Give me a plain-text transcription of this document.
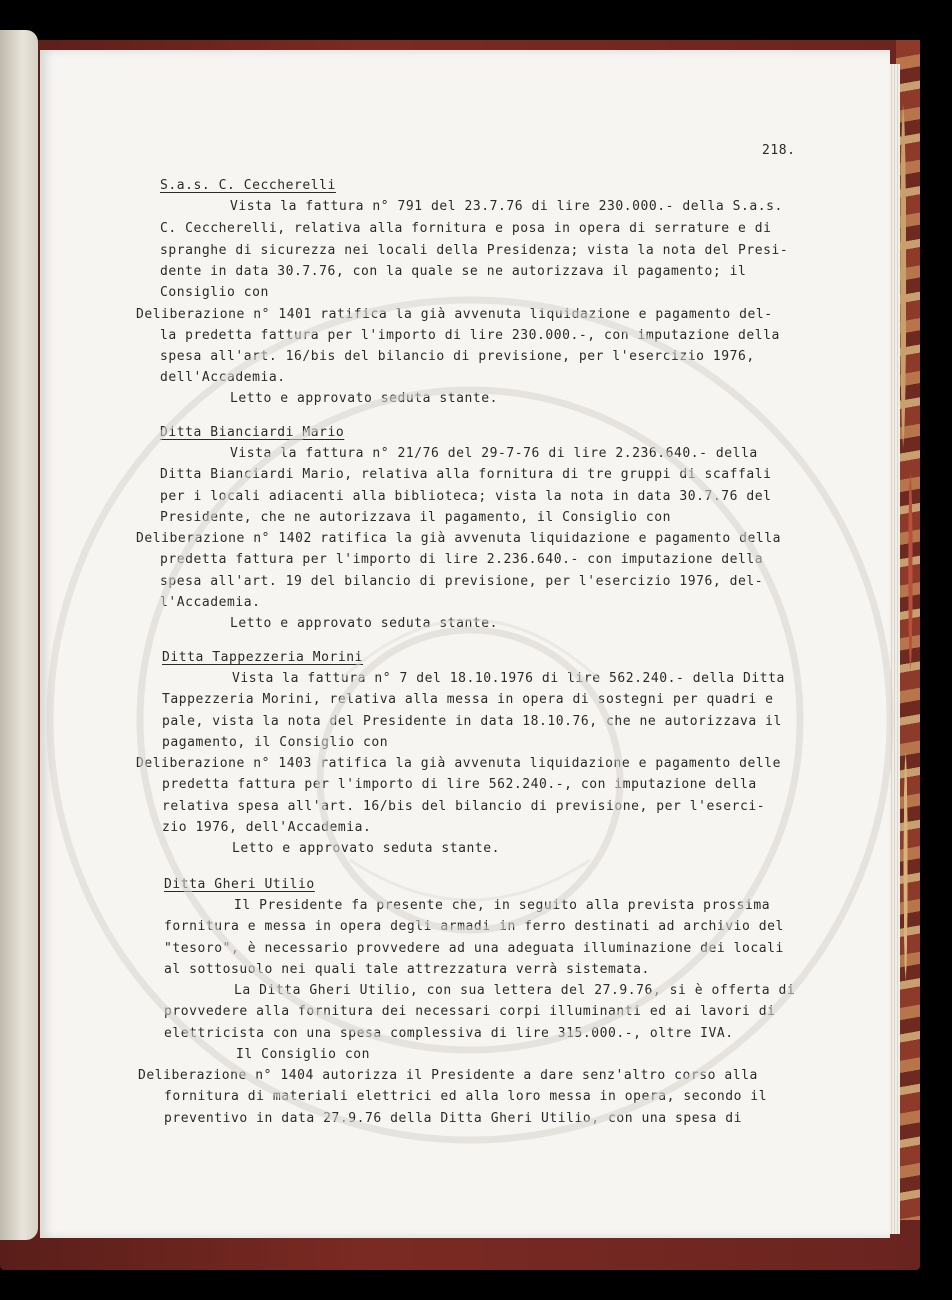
218.
S.a.s. C. Ceccherelli
Vista la fattura n° 791 del 23.7.76 di lire 230.000.- della S.a.s.
C. Ceccherelli, relativa alla fornitura e posa in opera di serrature e di
spranghe di sicurezza nei locali della Presidenza; vista la nota del Presi-
dente in data 30.7.76, con la quale se ne autorizzava il pagamento; il
Consiglio con
Deliberazione n° 1401 ratifica la già avvenuta liquidazione e pagamento del-
la predetta fattura per l'importo di lire 230.000.-, con imputazione della
spesa all'art. 16/bis del bilancio di previsione, per l'esercizio 1976,
dell'Accademia.
Letto e approvato seduta stante.
Ditta Bianciardi Mario
Vista la fattura n° 21/76 del 29-7-76 di lire 2.236.640.- della
Ditta Bianciardi Mario, relativa alla fornitura di tre gruppi di scaffali
per i locali adiacenti alla biblioteca; vista la nota in data 30.7.76 del
Presidente, che ne autorizzava il pagamento, il Consiglio con
Deliberazione n° 1402 ratifica la già avvenuta liquidazione e pagamento della
predetta fattura per l'importo di lire 2.236.640.- con imputazione della
spesa all'art. 19 del bilancio di previsione, per l'esercizio 1976, del-
l'Accademia.
Letto e approvato seduta stante.
Ditta Tappezzeria Morini
Vista la fattura n° 7 del 18.10.1976 di lire 562.240.- della Ditta
Tappezzeria Morini, relativa alla messa in opera di sostegni per quadri e
pale, vista la nota del Presidente in data 18.10.76, che ne autorizzava il
pagamento, il Consiglio con
Deliberazione n° 1403 ratifica la già avvenuta liquidazione e pagamento delle
predetta fattura per l'importo di lire 562.240.-, con imputazione della
relativa spesa all'art. 16/bis del bilancio di previsione, per l'eserci-
zio 1976, dell'Accademia.
Letto e approvato seduta stante.
Ditta Gheri Utilio
Il Presidente fa presente che, in seguito alla prevista prossima
fornitura e messa in opera degli armadi in ferro destinati ad archivio del
"tesoro", è necessario provvedere ad una adeguata illuminazione dei locali
al sottosuolo nei quali tale attrezzatura verrà sistemata.
La Ditta Gheri Utilio, con sua lettera del 27.9.76, si è offerta di
provvedere alla fornitura dei necessari corpi illuminanti ed ai lavori di
elettricista con una spesa complessiva di lire 315.000.-, oltre IVA.
Il Consiglio con
Deliberazione n° 1404 autorizza il Presidente a dare senz'altro corso alla
fornitura di materiali elettrici ed alla loro messa in opera, secondo il
preventivo in data 27.9.76 della Ditta Gheri Utilio, con una spesa di
